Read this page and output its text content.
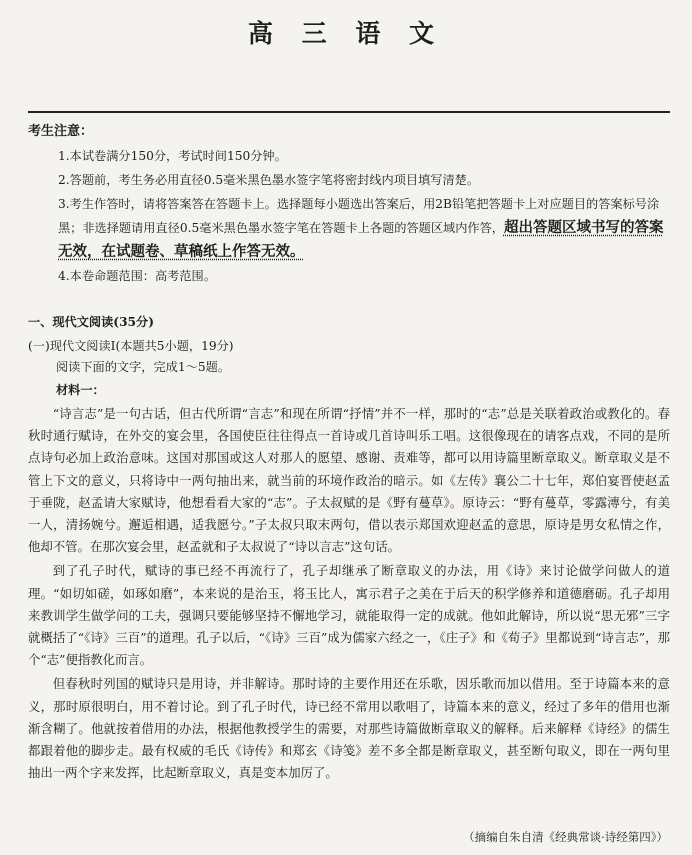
高 三 语 文
考生注意：
1.本试卷满分150分，考试时间150分钟。
2.答题前，考生务必用直径0.5毫米黑色墨水签字笔将密封线内项目填写清楚。
3.考生作答时，请将答案答在答题卡上。选择题每小题选出答案后，用2B铅笔把答题卡上对应题目的答案标号涂黑；非选择题请用直径0.5毫米黑色墨水签字笔在答题卡上各题的答题区域内作答，超出答题区域书写的答案无效，在试题卷、草稿纸上作答无效。
4.本卷命题范围：高考范围。
一、现代文阅读(35分)
(一)现代文阅读Ⅰ(本题共5小题，19分)
阅读下面的文字，完成1～5题。
材料一：

“诗言志”是一句古话，但古代所谓“言志”和现在所谓“抒情”并不一样，那时的“志”总是关联着政治或教化的。春秋时通行赋诗，在外交的宴会里，各国使臣往往得点一首诗或几首诗叫乐工唱。这很像现在的请客点戏，不同的是所点诗句必加上政治意味。这国对那国或这人对那人的愿望、感谢、责难等，都可以用诗篇里断章取义。断章取义是不管上下文的意义，只将诗中一两句抽出来，就当前的环境作政治的暗示。如《左传》襄公二十七年，郑伯宴晋使赵孟于垂陇，赵孟请大家赋诗，他想看看大家的“志”。子太叔赋的是《野有蔓草》。原诗云：“野有蔓草，零露漙兮，有美一人，清扬婉兮。邂逅相遇，适我愿兮。”子太叔只取末两句，借以表示郑国欢迎赵孟的意思，原诗是男女私情之作，他却不管。在那次宴会里，赵孟就和子太叔说了“诗以言志”这句话。

到了孔子时代，赋诗的事已经不再流行了，孔子却继承了断章取义的办法，用《诗》来讨论做学问做人的道理。“如切如磋，如琢如磨”，本来说的是治玉，将玉比人，寓示君子之美在于后天的积学修养和道德磨砺。孔子却用来教训学生做学问的工夫，强调只要能够坚持不懈地学习，就能取得一定的成就。他如此解诗，所以说“思无邪”三字就概括了“《诗》三百”的道理。孔子以后，“《诗》三百”成为儒家六经之一，《庄子》和《荀子》里都说到“诗言志”，那个“志”便指教化而言。

但春秋时列国的赋诗只是用诗，并非解诗。那时诗的主要作用还在乐歌，因乐歌而加以借用。至于诗篇本来的意义，那时原很明白，用不着讨论。到了孔子时代，诗已经不常用以歌唱了，诗篇本来的意义，经过了多年的借用也渐渐含糊了。他就按着借用的办法，根据他教授学生的需要，对那些诗篇做断章取义的解释。后来解释《诗经》的儒生都跟着他的脚步走。最有权威的毛氏《诗传》和郑玄《诗笺》差不多全都是断章取义，甚至断句取义，即在一两句里抽出一两个字来发挥，比起断章取义，真是变本加厉了。

（摘编自朱自清《经典常谈·诗经第四》）
